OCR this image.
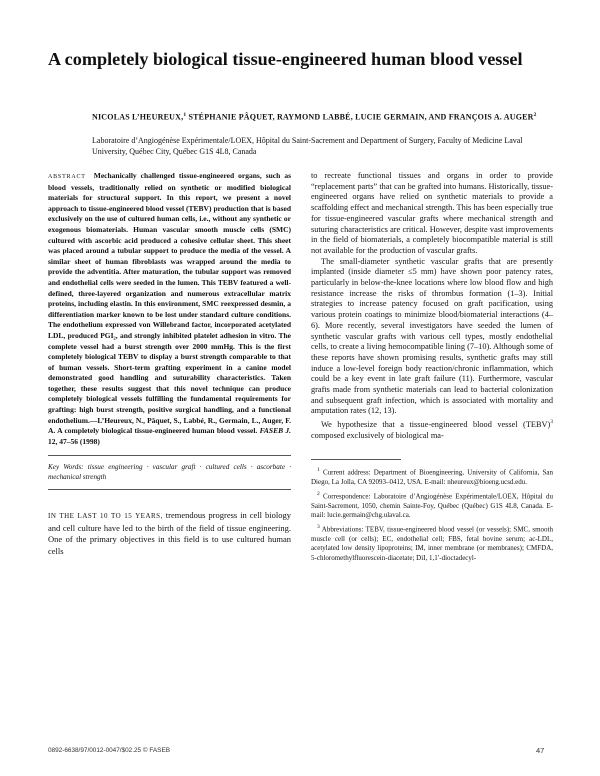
A completely biological tissue-engineered human blood vessel
NICOLAS L’HEUREUX,$^1$ STÉPHANIE PÂQUET, RAYMOND LABBÉ, LUCIE GERMAIN, AND FRANÇOIS A. AUGER$^2$
Laboratoire d’Angiogénèse Expérimentale/LOEX, Hôpital du Saint-Sacrement and Department of Surgery, Faculty of Medicine Laval University, Québec City, Québec G1S 4L8, Canada

ABSTRACT Mechanically challenged tissue-engineered organs, such as blood vessels, traditionally relied on synthetic or modified biological materials for structural support. In this report, we present a novel approach to tissue-engineered blood vessel (TEBV) production that is based exclusively on the use of cultured human cells, i.e., without any synthetic or exogenous biomaterials. Human vascular smooth muscle cells (SMC) cultured with ascorbic acid produced a cohesive cellular sheet. This sheet was placed around a tubular support to produce the media of the vessel. A similar sheet of human fibroblasts was wrapped around the media to provide the adventitia. After maturation, the tubular support was removed and endothelial cells were seeded in the lumen. This TEBV featured a well-defined, three-layered organization and numerous extracellular matrix proteins, including elastin. In this environment, SMC reexpressed desmin, a differentiation marker known to be lost under standard culture conditions. The endothelium expressed von Willebrand factor, incorporated acetylated LDL, produced PGI₂, and strongly inhibited platelet adhesion in vitro. The complete vessel had a burst strength over 2000 mmHg. This is the first completely biological TEBV to display a burst strength comparable to that of human vessels. Short-term grafting experiment in a canine model demonstrated good handling and suturability characteristics. Taken together, these results suggest that this novel technique can produce completely biological vessels fulfilling the fundamental requirements for grafting: high burst strength, positive surgical handling, and a functional endothelium.—L’Heureux, N., Pâquet, S., Labbé, R., Germain, L., Auger, F. A. A completely biological tissue-engineered human blood vessel. FASEB J. 12, 47–56 (1998)

Key Words: tissue engineering · vascular graft · cultured cells · ascorbate · mechanical strength

IN THE LAST 10 TO 15 YEARS, tremendous progress in cell biology and cell culture have led to the birth of the field of tissue engineering. One of the primary objectives in this field is to use cultured human cells

to recreate functional tissues and organs in order to provide “replacement parts” that can be grafted into humans. Historically, tissue-engineered organs have relied on synthetic materials to provide a scaffolding effect and mechanical strength. This has been especially true for tissue-engineered vascular grafts where mechanical strength and suturing characteristics are critical. However, despite vast improvements in the field of biomaterials, a completely biocompatible material is still not available for the production of vascular grafts.

The small-diameter synthetic vascular grafts that are presently implanted (inside diameter ≤5 mm) have shown poor patency rates, particularly in below-the-knee locations where low blood flow and high resistance increase the risks of thrombus formation (1–3). Initial strategies to increase patency focused on graft pacification, using various protein coatings to minimize blood/biomaterial interactions (4–6). More recently, several investigators have seeded the lumen of synthetic vascular grafts with various cell types, mostly endothelial cells, to create a living hemocompatible lining (7–10). Although some of these reports have shown promising results, synthetic grafts may still induce a low-level foreign body reaction/chronic inflammation, which could be a key event in late graft failure (11). Furthermore, vascular grafts made from synthetic materials can lead to bacterial colonization and subsequent graft infection, which is associated with mortality and amputation rates (12, 13).

We hypothesize that a tissue-engineered blood vessel (TEBV)$^3$ composed exclusively of biological ma-

$^1$ Current address: Department of Bioengineering, University of California, San Diego, La Jolla, CA 92093–0412, USA. E-mail: nheureux@bioeng.ucsd.edu.

$^2$ Correspondence: Laboratoire d’Angiogénèse Expérimentale/LOEX, Hôpital du Saint-Sacrement, 1050, chemin Sainte-Foy, Québec (Québec) G1S 4L8, Canada. E-mail: lucie.germain@chg.ulaval.ca.

$^3$ Abbreviations: TEBV, tissue-engineered blood vessel (or vessels); SMC, smooth muscle cell (or cells); EC, endothelial cell; FBS, fetal bovine serum; ac-LDL, acetylated low density lipoproteins; IM, inner membrane (or membranes); CMFDA, 5-chloromethylfluorescein-diacetate; DiI, 1,1′-dioctadecyl-

0892-6638/97/0012-0047/$02.25 © FASEB	47
